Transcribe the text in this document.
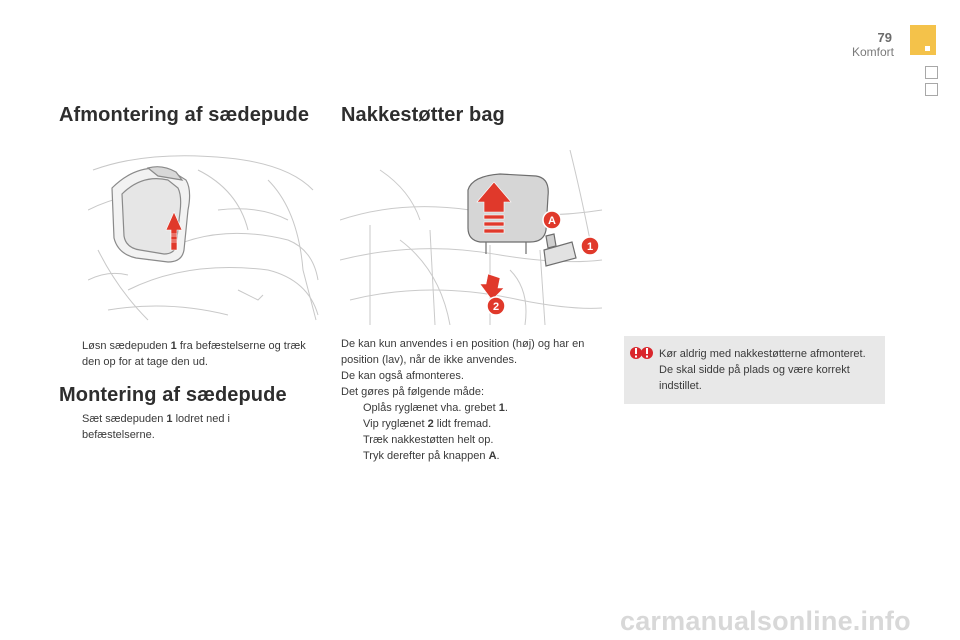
79
Komfort
Afmontering af sædepude
Løsn sædepuden 1 fra befæstelserne og træk den op for at tage den ud.
Montering af sædepude
Sæt sædepuden 1 lodret ned i befæstelserne.
Nakkestøtter bag
A
1
2
De kan kun anvendes i en position (høj) og har en position (lav), når de ikke anvendes.
De kan også afmonteres.
Det gøres på følgende måde:
Oplås ryglænet vha. grebet 1.
Vip ryglænet 2 lidt fremad.
Træk nakkestøtten helt op.
Tryk derefter på knappen A.
Kør aldrig med nakkestøtterne afmonteret. De skal sidde på plads og være korrekt indstillet.
carmanualsonline.info
